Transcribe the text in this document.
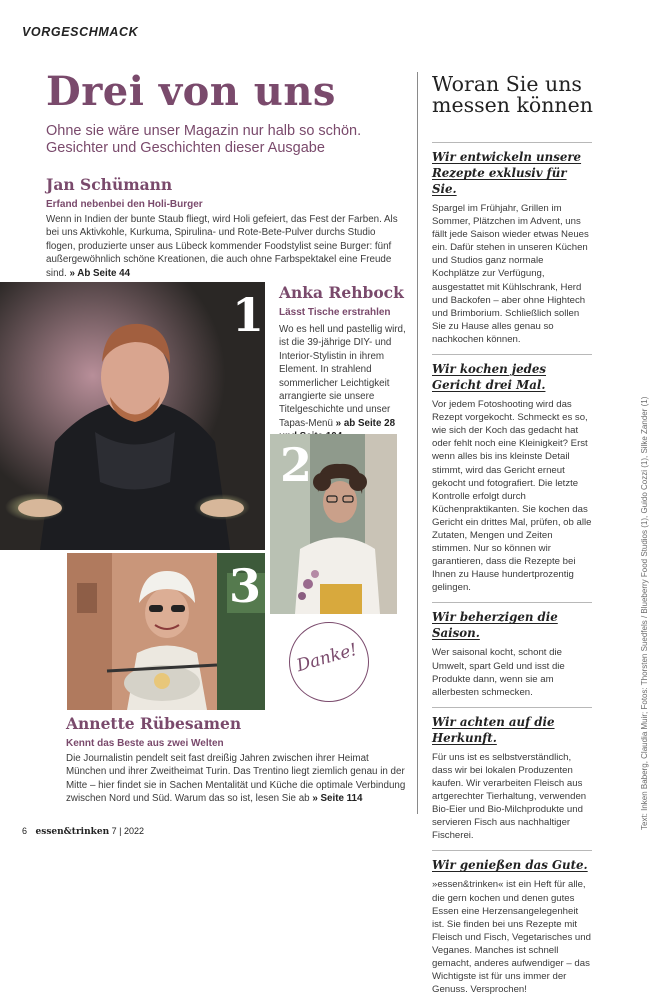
VORGESCHMACK
Drei von uns
Ohne sie wäre unser Magazin nur halb so schön. Gesichter und Geschichten dieser Ausgabe
Jan Schümann
Erfand nebenbei den Holi-Burger
Wenn in Indien der bunte Staub fliegt, wird Holi gefeiert, das Fest der Farben. Als bei uns Aktivkohle, Kurkuma, Spirulina- und Rote-Bete-Pulver durchs Studio flogen, produzierte unser aus Lübeck kommender Foodstylist seine Burger: fünf außergewöhnlich schöne Kreationen, die auch ohne Farbspektakel eine Freude sind. » Ab Seite 44
1 Anka Rehbock
Lässt Tische erstrahlen
Wo es hell und pastellig wird, ist die 39-jährige DIY- und Interior-Stylistin in ihrem Element. In strahlend sommerlicher Leichtigkeit arrangierte sie unsere Titelgeschichte und unser Tapas-Menü » ab Seite 28
2
3
Danke!
Annette Rübesamen
Kennt das Beste aus zwei Welten
Die Journalistin pendelt seit fast dreißig Jahren zwischen ihrer Heimat München und ihrer Zweitheimat Turin. Das Trentino liegt ziemlich genau in der Mitte – hier findet sie in Sachen Mentalität und Küche die optimale Verbindung zwischen Nord und Süd. Warum das so ist, lesen Sie ab » Seite 114
Woran Sie uns messen können
Wir entwickeln unsere Rezepte exklusiv für Sie.
Spargel im Frühjahr, Grillen im Sommer, Plätzchen im Advent, uns fällt jede Saison wieder etwas Neues ein. Dafür stehen in unseren Küchen und Studios ganz normale Kochplätze zur Verfügung, ausgestattet mit Kühlschrank, Herd und Backofen – aber ohne Hightech und Brimborium. Schließlich sollen Sie zu Hause alles genau so nachkochen können.
Wir kochen jedes Gericht drei Mal.
Vor jedem Fotoshooting wird das Rezept vorgekocht. Schmeckt es so, wie sich der Koch das gedacht hat oder fehlt noch eine Kleinigkeit? Erst wenn alles bis ins kleinste Detail stimmt, wird das Gericht erneut gekocht und fotografiert. Die letzte Kontrolle erfolgt durch Küchenpraktikanten. Sie kochen das Gericht ein drittes Mal, prüfen, ob alle Zutaten, Mengen und Zeiten stimmen. Nur so können wir garantieren, dass die Rezepte bei Ihnen zu Hause hundertprozentig gelingen.
Wir beherzigen die Saison.
Wer saisonal kocht, schont die Umwelt, spart Geld und isst die Produkte dann, wenn sie am allerbesten schmecken.
Wir achten auf die Herkunft.
Für uns ist es selbstverständlich, dass wir bei lokalen Produzenten kaufen. Wir verarbeiten Fleisch aus artgerechter Tierhaltung, verwenden Bio-Eier und Bio-Milchprodukte und servieren Fisch aus nachhaltiger Fischerei.
Wir genießen das Gute.
»essen&trinken« ist ein Heft für alle, die gern kochen und denen gutes Essen eine Herzensangelegenheit ist. Sie finden bei uns Rezepte mit Fleisch und Fisch, Vegetarisches und Veganes. Manches ist schnell gemacht, anderes aufwendiger – das Wichtigste ist für uns immer der Genuss. Versprochen!
Text: Inken Baberg, Claudia Muir; Fotos: Thorsten Suedfels / Blueberry Food Studios (1), Guido Cozzi (1), Silke Zander (1)
6 essen&trinken 7 | 2022
